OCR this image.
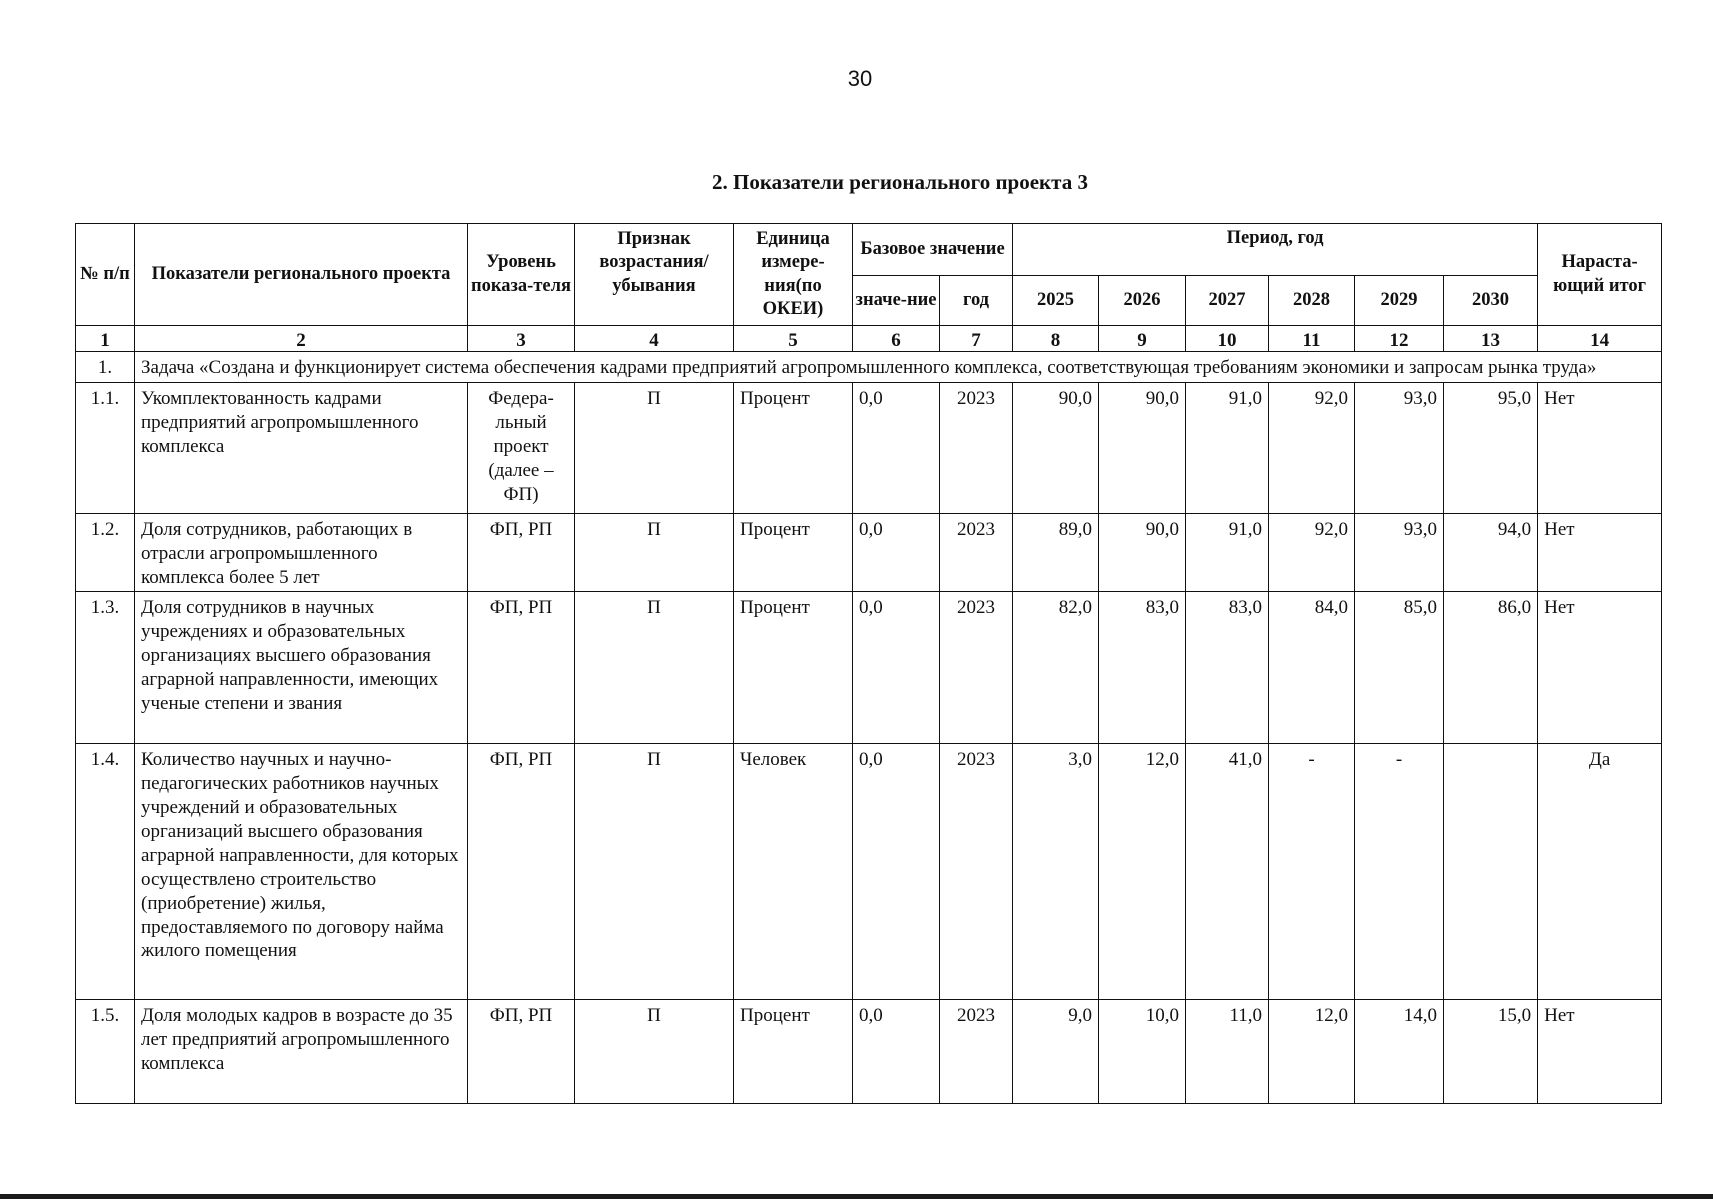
30
2. Показатели регионального проекта 3
№ п/п	Показатели регионального проекта	Уровень показа-теля	Признак возрастания/ убывания	Единица измере-ния(по ОКЕИ)	Базовое значение		Период, год						Нараста-ющий итог
					значе-ние	год	2025	2026	2027	2028	2029	2030	
1	2	3	4	5	6	7	8	9	10	11	12	13	14
1.	Задача «Создана и функционирует система обеспечения кадрами предприятий агропромышленного комплекса, соответствующая требованиям экономики и запросам рынка труда»												
1.1.	Укомплектованность кадрами предприятий агропромышленного комплекса	Федера-льный проект (далее – ФП)	П	Процент	0,0	2023	90,0	90,0	91,0	92,0	93,0	95,0	Нет
1.2.	Доля сотрудников, работающих в отрасли агропромышленного комплекса более 5 лет	ФП, РП	П	Процент	0,0	2023	89,0	90,0	91,0	92,0	93,0	94,0	Нет
1.3.	Доля сотрудников в научных учреждениях и образовательных организациях высшего образования аграрной направленности, имеющих ученые степени и звания	ФП, РП	П	Процент	0,0	2023	82,0	83,0	83,0	84,0	85,0	86,0	Нет
1.4.	Количество научных и научно-педагогических работников научных учреждений и образовательных организаций высшего образования аграрной направленности, для которых осуществлено строительство (приобретение) жилья, предоставляемого по договору найма жилого помещения	ФП, РП	П	Человек	0,0	2023	3,0	12,0	41,0	-	-		Да
1.5.	Доля молодых кадров в возрасте до 35 лет предприятий агропромышленного комплекса	ФП, РП	П	Процент	0,0	2023	9,0	10,0	11,0	12,0	14,0	15,0	Нет
